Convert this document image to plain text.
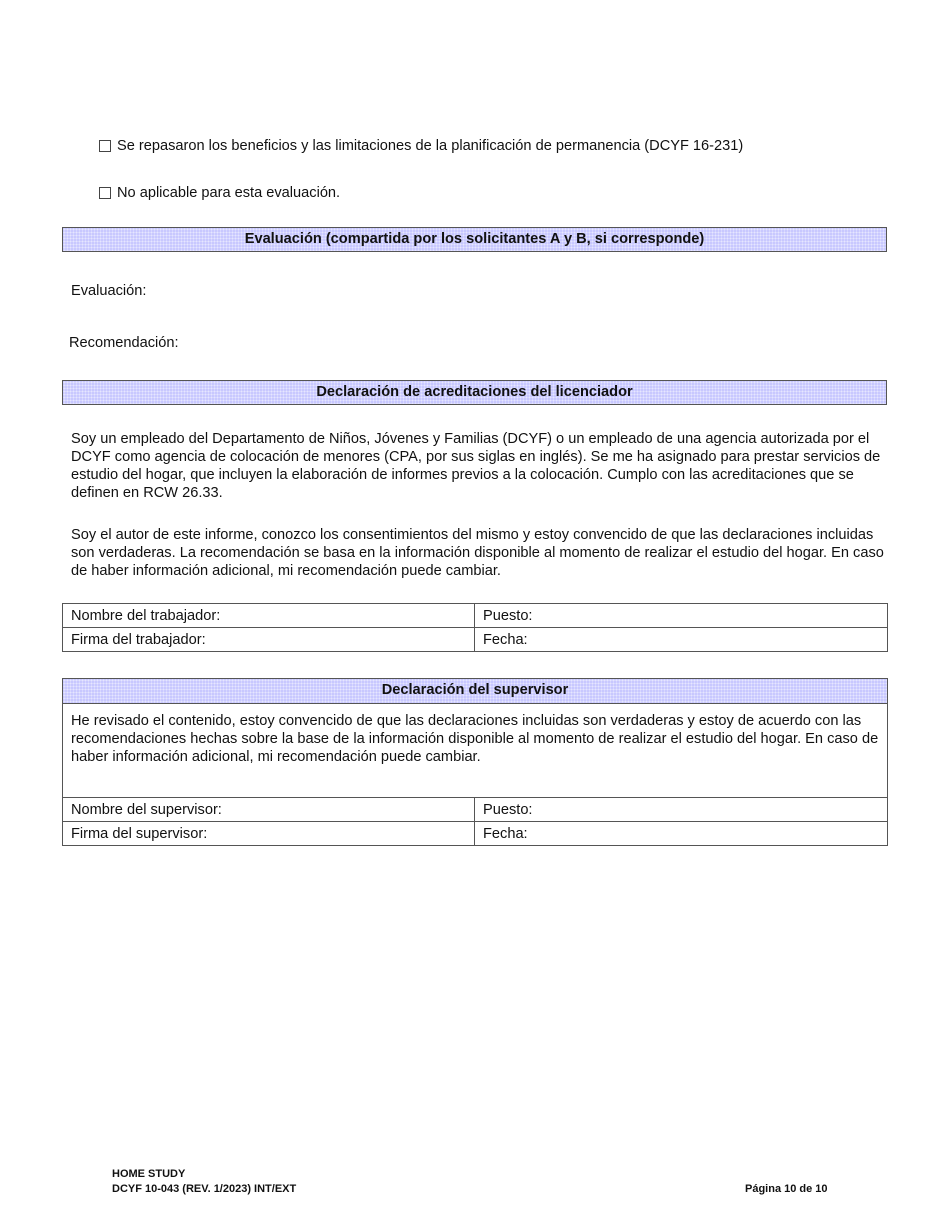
Se repasaron los beneficios y las limitaciones de la planificación de permanencia (DCYF 16-231)
No aplicable para esta evaluación.
Evaluación (compartida por los solicitantes A y B, si corresponde)
Evaluación:
Recomendación:
Declaración de acreditaciones del licenciador
Soy un empleado del Departamento de Niños, Jóvenes y Familias (DCYF) o un empleado de una agencia autorizada por el DCYF como agencia de colocación de menores (CPA, por sus siglas en inglés). Se me ha asignado para prestar servicios de estudio del hogar, que incluyen la elaboración de informes previos a la colocación. Cumplo con las acreditaciones que se definen en RCW 26.33.
Soy el autor de este informe, conozco los consentimientos del mismo y estoy convencido de que las declaraciones incluidas son verdaderas. La recomendación se basa en la información disponible al momento de realizar el estudio del hogar. En caso de haber información adicional, mi recomendación puede cambiar.
Nombre del trabajador:	Puesto:
Firma del trabajador:	Fecha:
Declaración del supervisor
He revisado el contenido, estoy convencido de que las declaraciones incluidas son verdaderas y estoy de acuerdo con las recomendaciones hechas sobre la base de la información disponible al momento de realizar el estudio del hogar. En caso de haber información adicional, mi recomendación puede cambiar.
Nombre del supervisor:	Puesto:
Firma del supervisor:	Fecha:
HOME STUDY
DCYF 10-043 (REV. 1/2023) INT/EXT	Página 10 de 10
